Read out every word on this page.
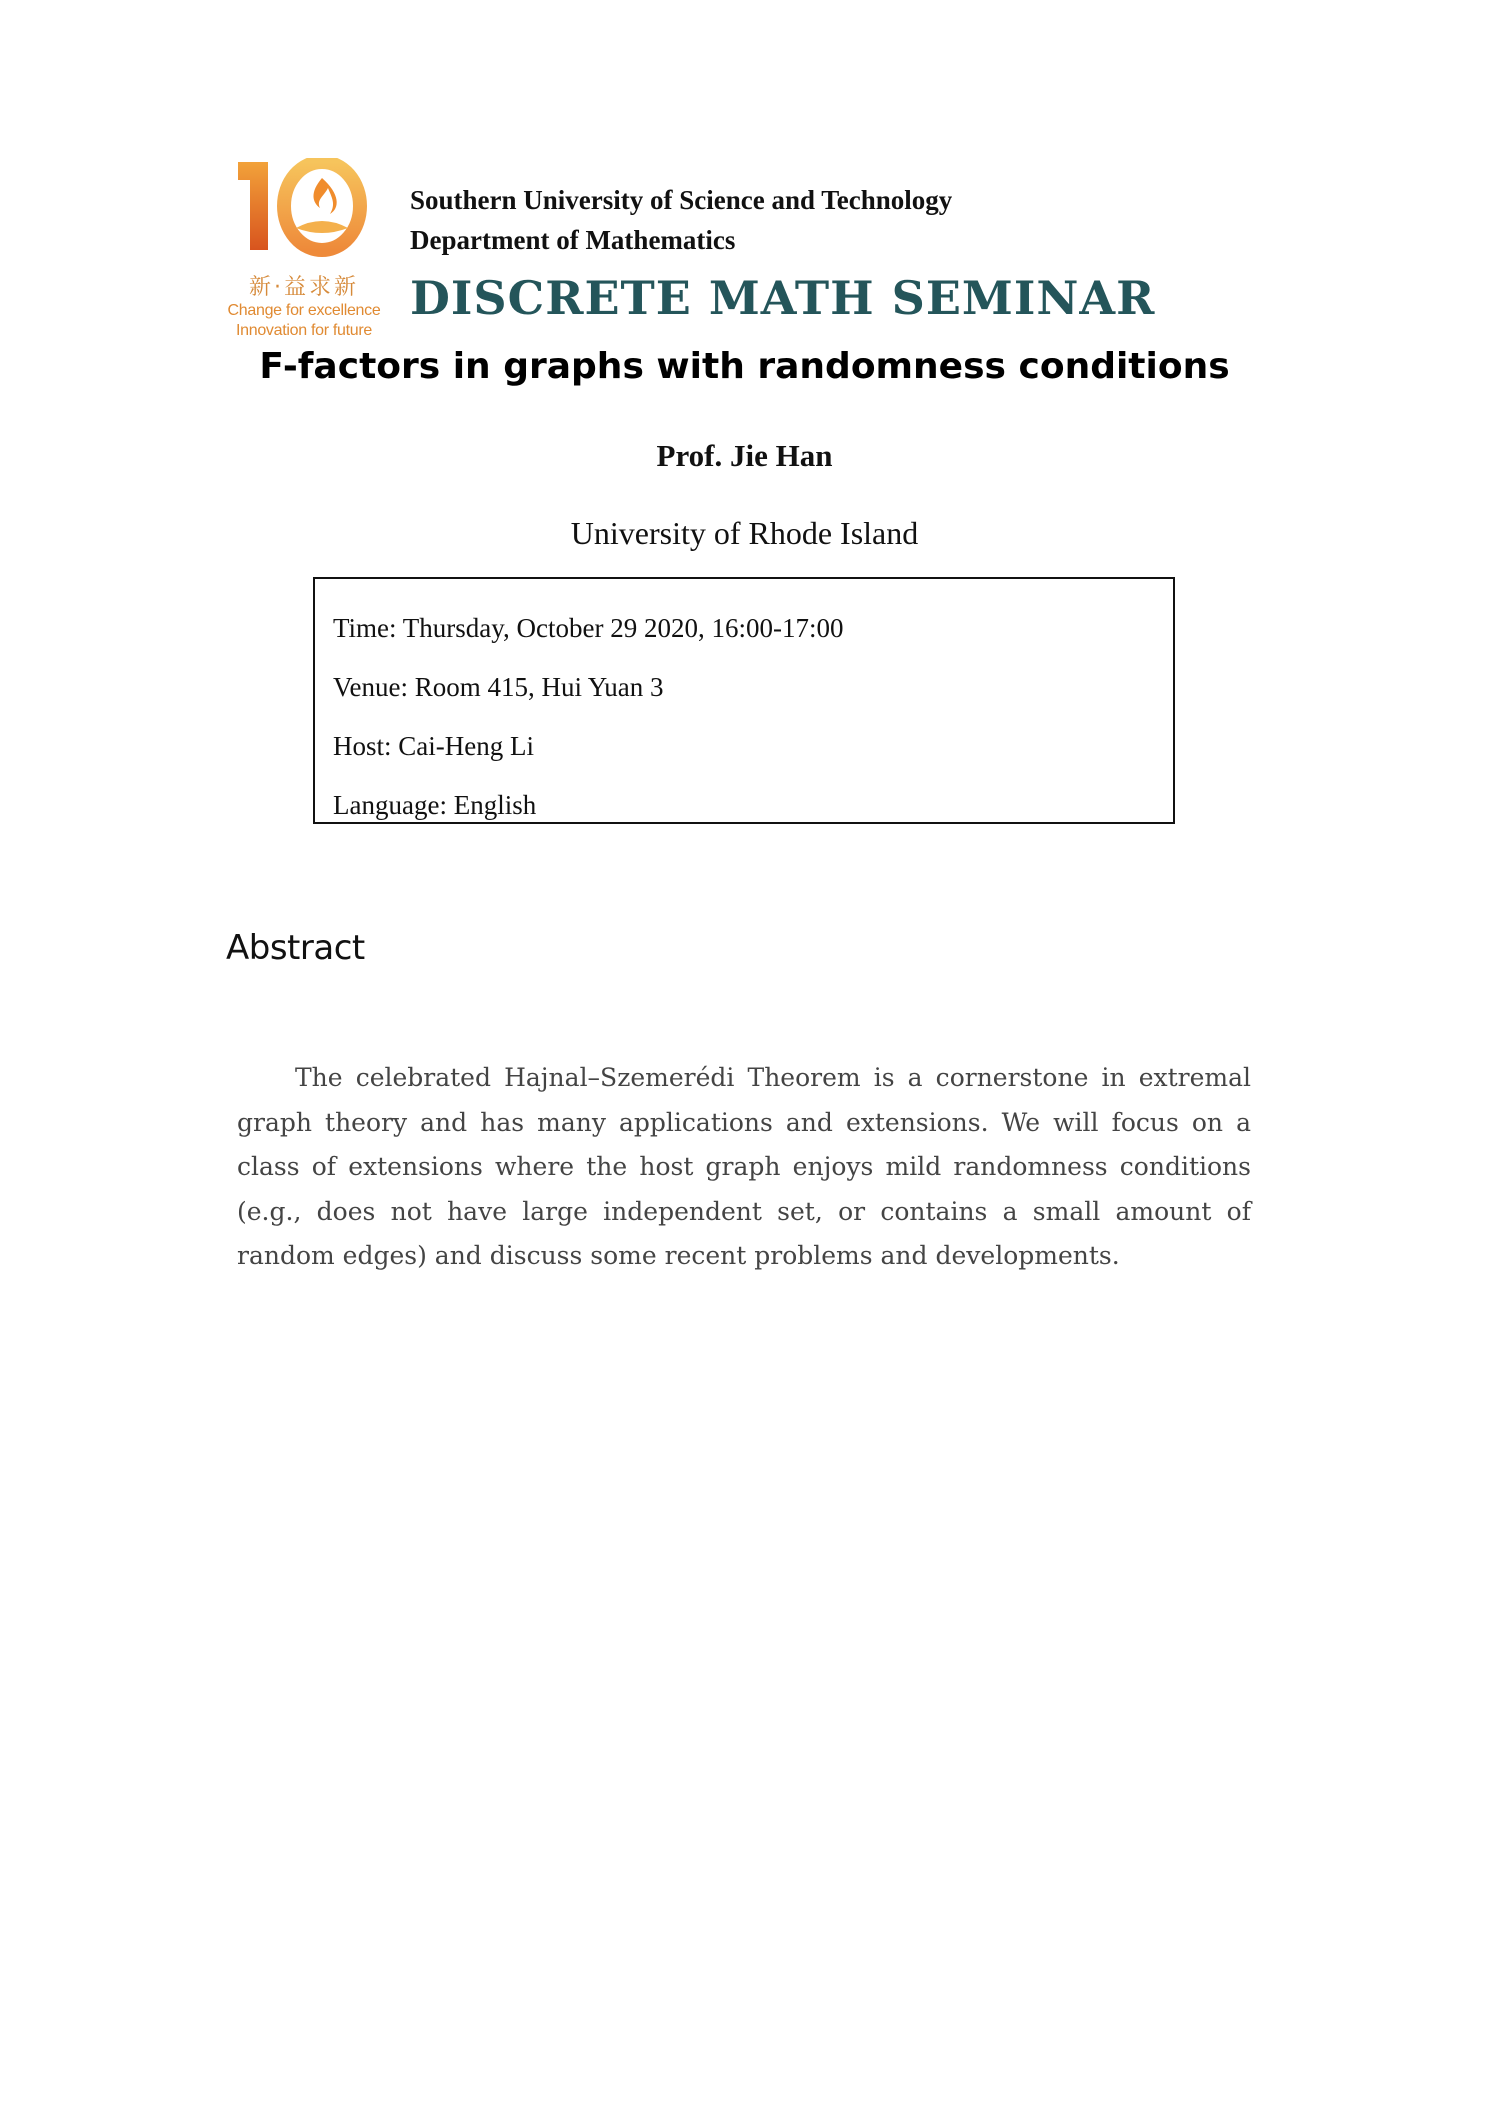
新·益求新
Change for excellence
Innovation for future
Southern University of Science and Technology
Department of Mathematics
DISCRETE MATH SEMINAR
F-factors in graphs with randomness conditions
Prof. Jie Han
University of Rhode Island
Time: Thursday, October 29 2020, 16:00-17:00
Venue: Room 415, Hui Yuan 3
Host: Cai-Heng Li
Language: English
Abstract
The celebrated Hajnal–Szemerédi Theorem is a cornerstone in extremal graph theory and has many applications and extensions. We will focus on a class of extensions where the host graph enjoys mild randomness conditions (e.g., does not have large independent set, or contains a small amount of random edges) and discuss some recent problems and developments.
